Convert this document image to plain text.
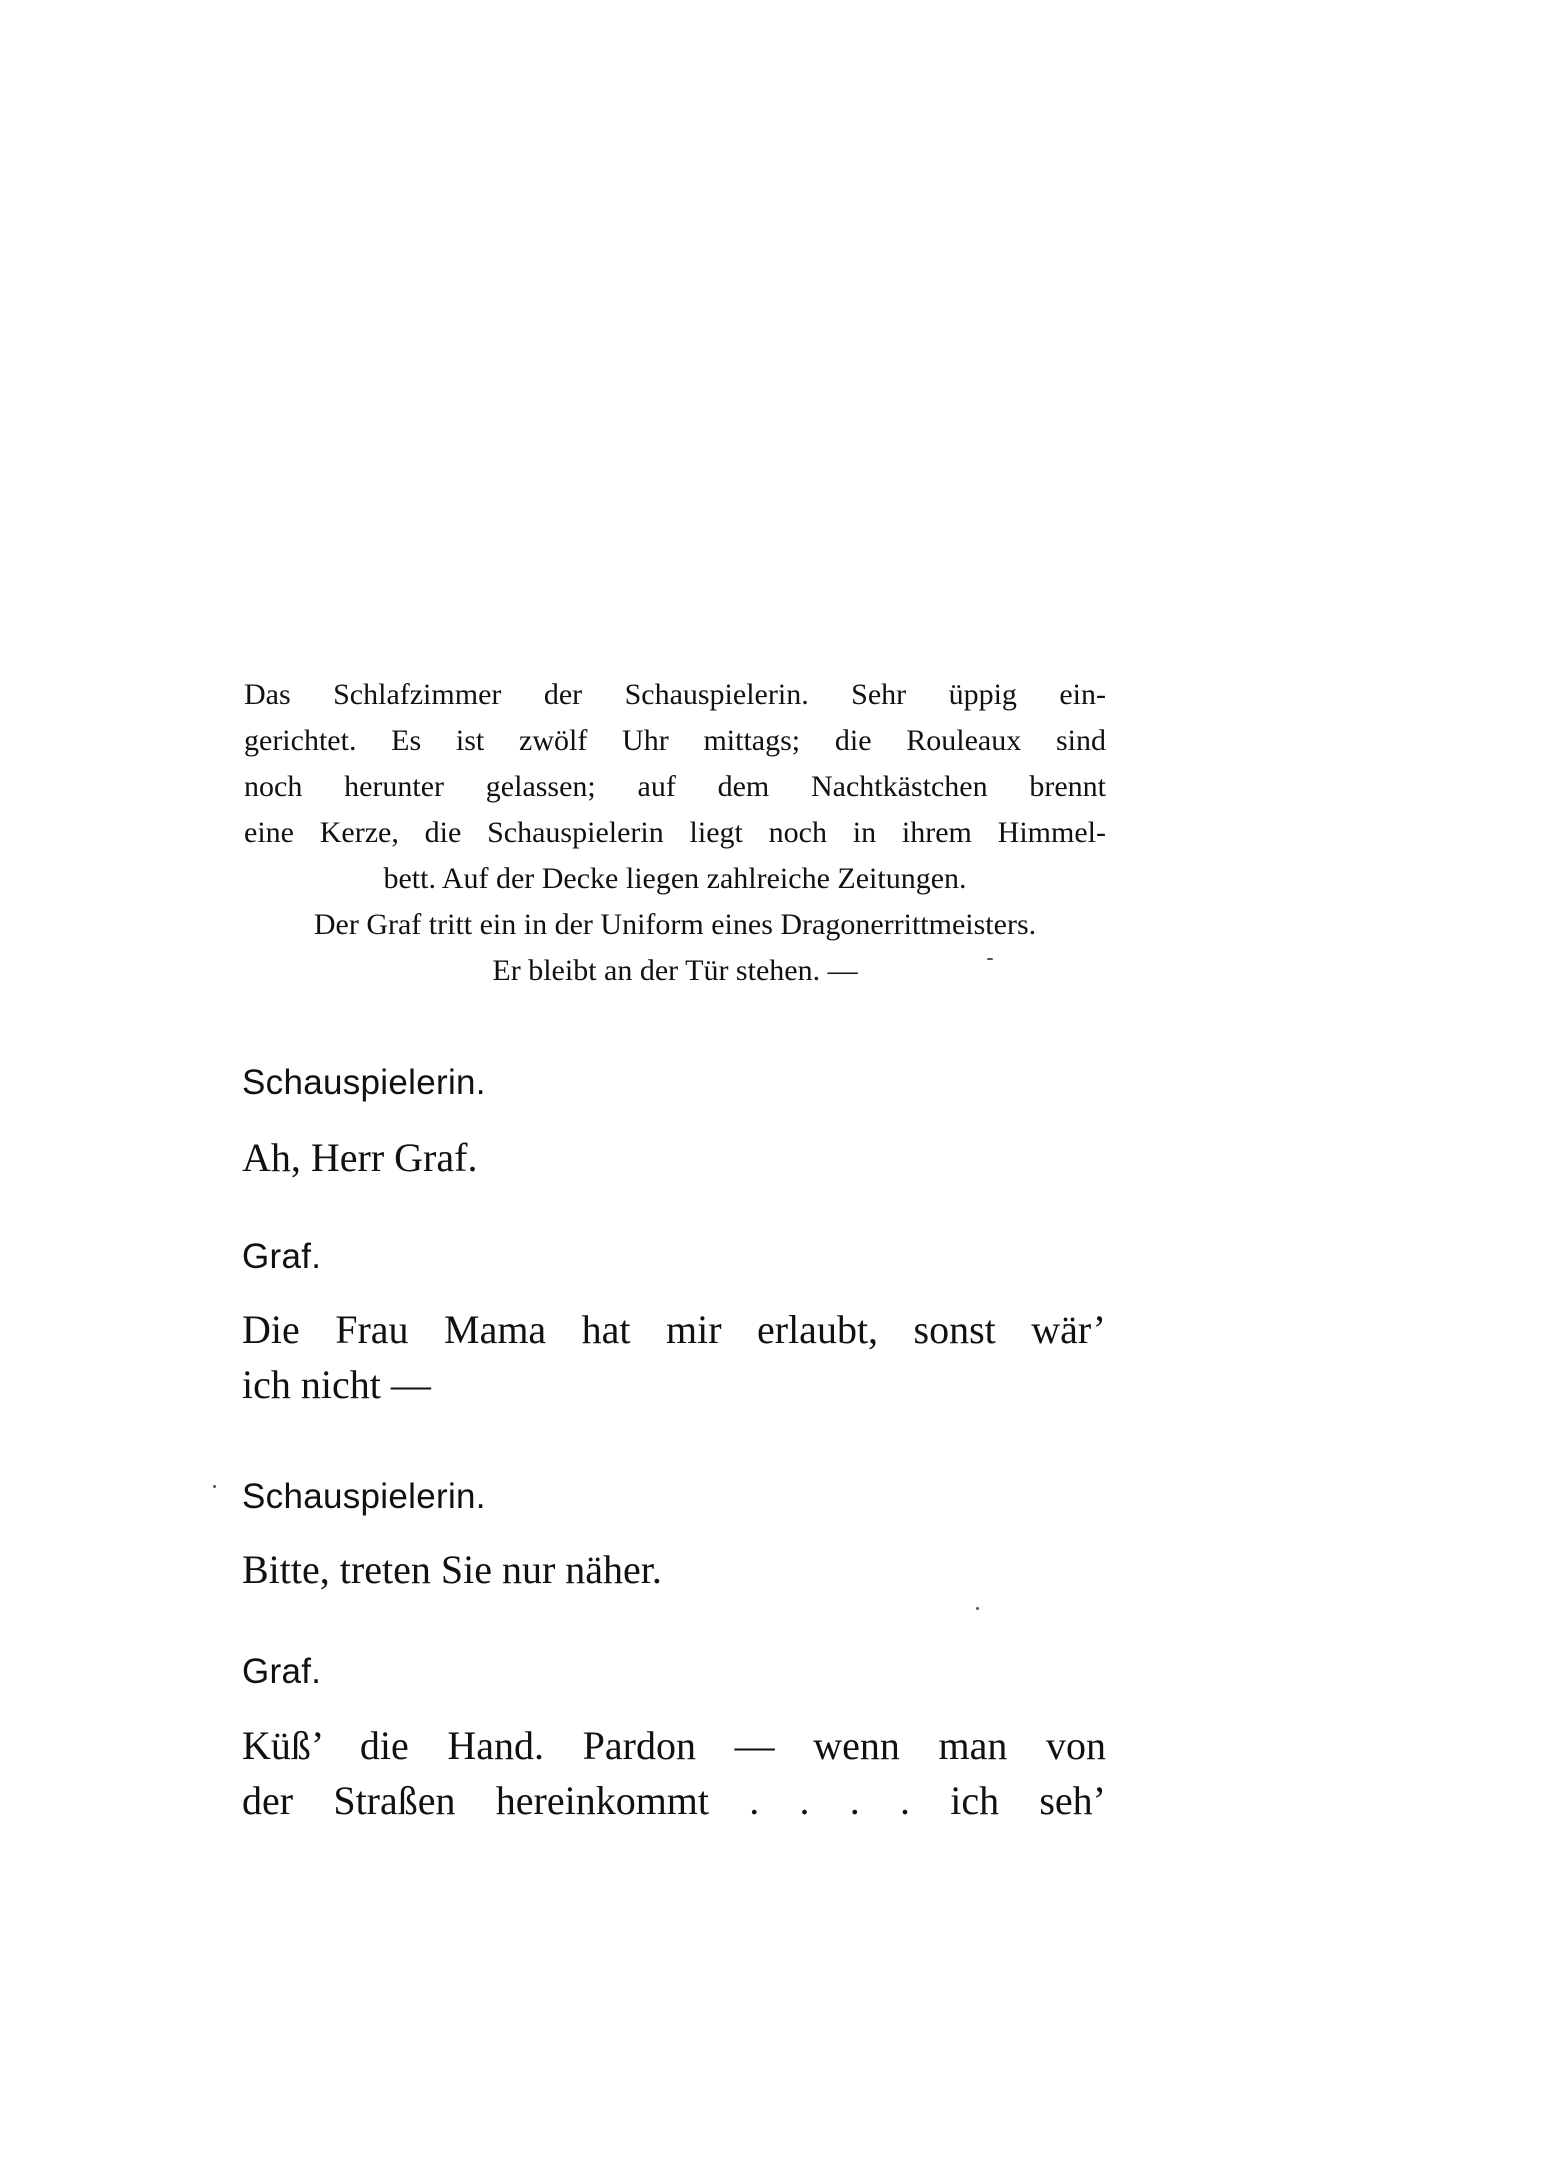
Das Schlafzimmer der Schauspielerin. Sehr üppig ein-
gerichtet. Es ist zwölf Uhr mittags; die Rouleaux sind
noch herunter gelassen; auf dem Nachtkästchen brennt
eine Kerze, die Schauspielerin liegt noch in ihrem Himmel-
bett. Auf der Decke liegen zahlreiche Zeitungen.
Der Graf tritt ein in der Uniform eines Dragonerrittmeisters.
Er bleibt an der Tür stehen. —
Schauspielerin.
Ah, Herr Graf.
Graf.
Die Frau Mama hat mir erlaubt, sonst wär’
ich nicht —
Schauspielerin.
Bitte, treten Sie nur näher.
Graf.
Küß’ die Hand. Pardon — wenn man von
der Straßen hereinkommt . . . . ich seh’
